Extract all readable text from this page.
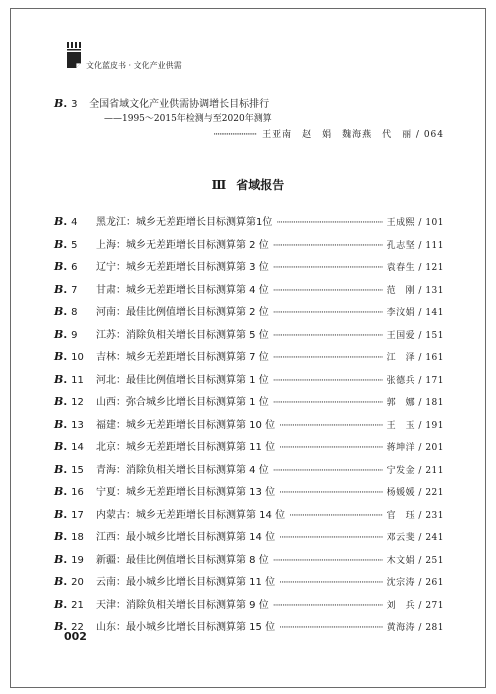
文化蓝皮书 · 文化产业供需
B . 3	全国省域文化产业供需协调增长目标排行
——1995～2015年检测与至2020年测算
······················· 王亚南　赵　娟　魏海燕　代　丽 / 064
Ⅲ 省域报告
B. 4	黑龙江：城乡无差距增长目标测算第1位 ·····	王成熙 / 101
B. 5	上海：城乡无差距增长目标测算第 2 位 ·····	孔志坚 / 111
B. 6	辽宁：城乡无差距增长目标测算第 3 位 ·····	袁春生 / 121
B. 7	甘肃：城乡无差距增长目标测算第 4 位 ·····	范　刚 / 131
B. 8	河南：最佳比例值增长目标测算第 2 位 ·····	李汶娟 / 141
B. 9	江苏：消除负相关增长目标测算第 5 位 ·····	王国爱 / 151
B. 10	吉林：城乡无差距增长目标测算第 7 位 ·····	江　泽 / 161
B. 11	河北：最佳比例值增长目标测算第 1 位 ·····	张德兵 / 171
B. 12	山西：弥合城乡比增长目标测算第 1 位 ·····	郭　娜 / 181
B. 13	福建：城乡无差距增长目标测算第 10 位 ·····	王　玉 / 191
B. 14	北京：城乡无差距增长目标测算第 11 位 ·····	蒋坤洋 / 201
B. 15	青海：消除负相关增长目标测算第 4 位 ·····	宁发金 / 211
B. 16	宁夏：城乡无差距增长目标测算第 13 位 ·····	杨媛媛 / 221
B. 17	内蒙古：城乡无差距增长目标测算第 14 位 ·····	官　珏 / 231
B. 18	江西：最小城乡比增长目标测算第 14 位 ·····	邓云斐 / 241
B. 19	新疆：最佳比例值增长目标测算第 8 位 ·····	木文娟 / 251
B. 20	云南：最小城乡比增长目标测算第 11 位 ·····	沈宗涛 / 261
B. 21	天津：消除负相关增长目标测算第 9 位 ·····	刘　兵 / 271
B. 22	山东：最小城乡比增长目标测算第 15 位 ·····	黄海涛 / 281
002
